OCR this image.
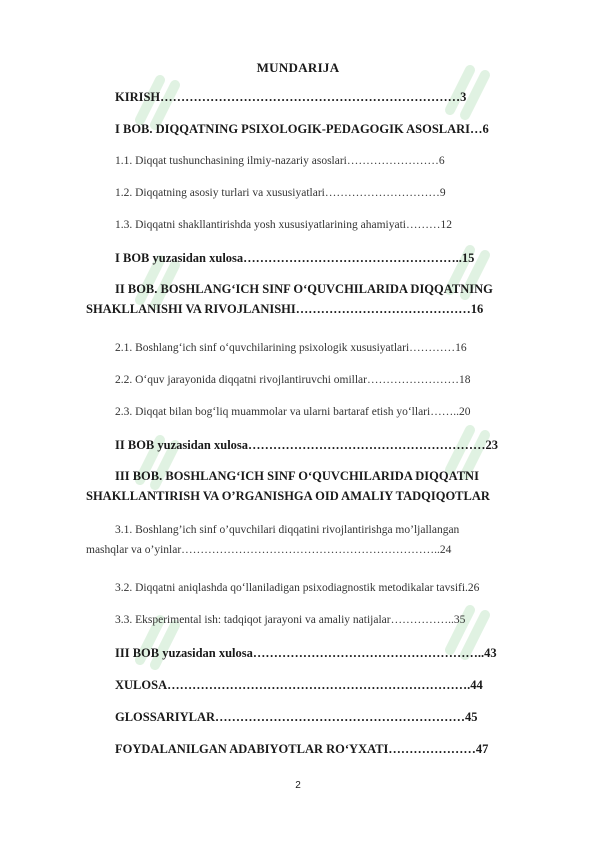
MUNDARIJA
KIRISH………………………………………………………………3
I BOB. DIQQATNING PSIXOLOGIK-PEDAGOGIK ASOSLARI…6
1.1. Diqqat tushunchasining ilmiy-nazariy asoslari……………………6
1.2. Diqqatning asosiy turlari va xususiyatlari…………………………9
1.3. Diqqatni shakllantirishda yosh xususiyatlarining ahamiyati………12
I BOB yuzasidan xulosa……………………………………………..15
II BOB. BOSHLANG‘ICH SINF O‘QUVCHILARIDA DIQQATNING
SHAKLLANISHI VA RIVOJLANISHI……………………………………16
2.1. Boshlang‘ich sinf o‘quvchilarining psixologik xususiyatlari…………16
2.2. O‘quv jarayonida diqqatni rivojlantiruvchi omillar……………………18
2.3. Diqqat bilan bog‘liq muammolar va ularni bartaraf etish yo‘llari……..20
II BOB yuzasidan xulosa…………………………………………………23
III BOB. BOSHLANG‘ICH SINF O‘QUVCHILARIDA DIQQATNI
SHAKLLANTIRISH VA O’RGANISHGA OID AMALIY TADQIQOTLAR
3.1. Boshlang’ich sinf o’quvchilari diqqatini rivojlantirishga mo’ljallangan
mashqlar va o’yinlar…………………………………………………………..24
3.2. Diqqatni aniqlashda qo‘llaniladigan psixodiagnostik metodikalar tavsifi.26
3.3. Eksperimental ish: tadqiqot jarayoni va amaliy natijalar……………..35
III BOB yuzasidan xulosa………………………………………………..43
XULOSA……………………………………………………………….44
GLOSSARIYLAR……………………………………………………45
FOYDALANILGAN ADABIYOTLAR RO‘YXATI…………………47
2
